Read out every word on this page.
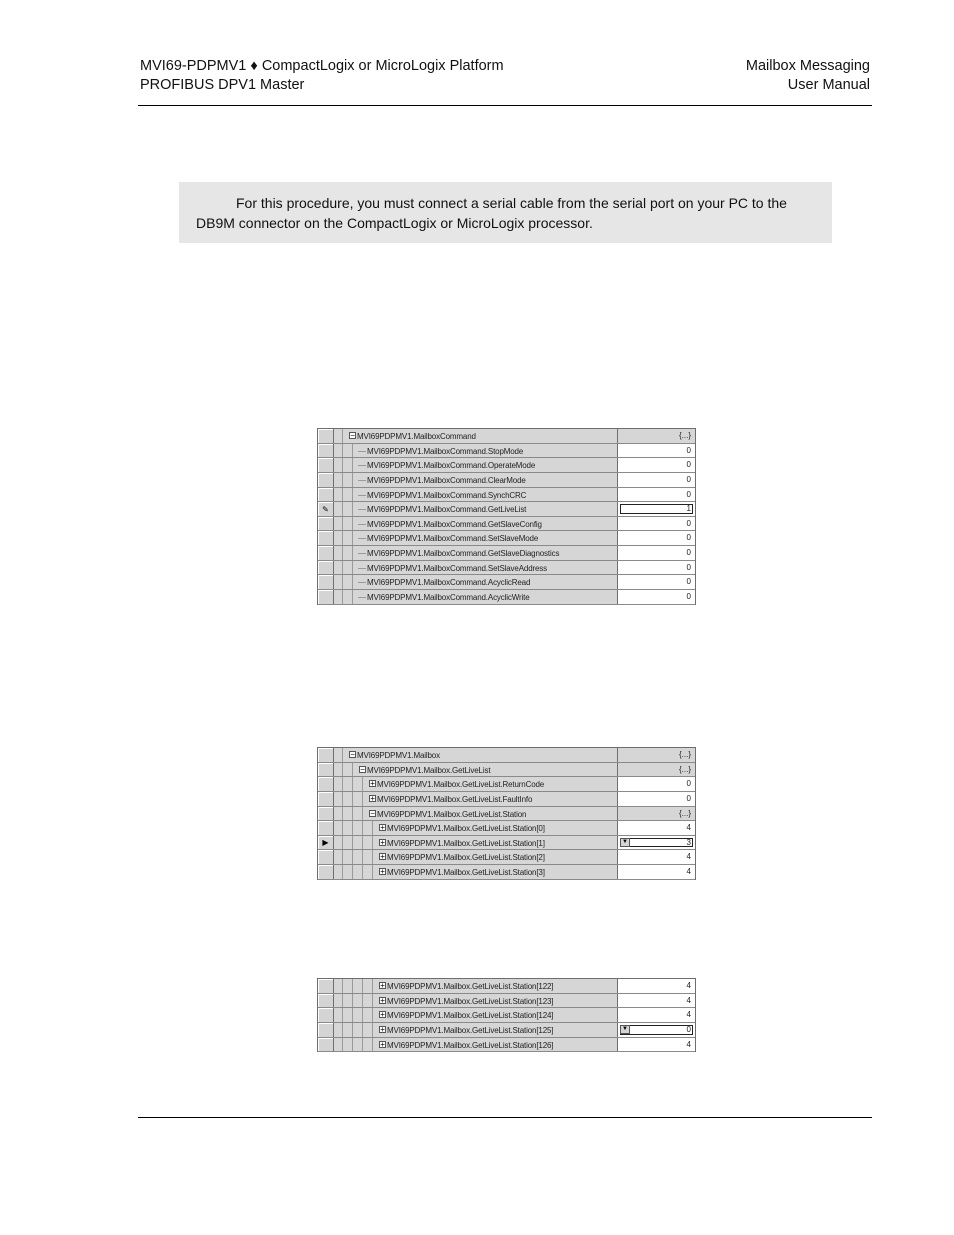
MVI69-PDPMV1 ♦ CompactLogix or MicroLogix Platform
PROFIBUS DPV1 Master
Mailbox Messaging
User Manual
For this procedure, you must connect a serial cable from the serial port on your PC to the
DB9M connector on the CompactLogix or MicroLogix processor.
− MVI69PDPMV1.MailboxCommand	{...}
MVI69PDPMV1.MailboxCommand.StopMode	0
MVI69PDPMV1.MailboxCommand.OperateMode	0
MVI69PDPMV1.MailboxCommand.ClearMode	0
MVI69PDPMV1.MailboxCommand.SynchCRC	0
✎	MVI69PDPMV1.MailboxCommand.GetLiveList	1
MVI69PDPMV1.MailboxCommand.GetSlaveConfig	0
MVI69PDPMV1.MailboxCommand.SetSlaveMode	0
MVI69PDPMV1.MailboxCommand.GetSlaveDiagnostics	0
MVI69PDPMV1.MailboxCommand.SetSlaveAddress	0
MVI69PDPMV1.MailboxCommand.AcyclicRead	0
MVI69PDPMV1.MailboxCommand.AcyclicWrite	0
− MVI69PDPMV1.Mailbox	{...}
− MVI69PDPMV1.Mailbox.GetLiveList	{...}
+ MVI69PDPMV1.Mailbox.GetLiveList.ReturnCode	0
+ MVI69PDPMV1.Mailbox.GetLiveList.FaultInfo	0
− MVI69PDPMV1.Mailbox.GetLiveList.Station	{...}
+ MVI69PDPMV1.Mailbox.GetLiveList.Station[0]	4
▶	+ MVI69PDPMV1.Mailbox.GetLiveList.Station[1]	▼	3
+ MVI69PDPMV1.Mailbox.GetLiveList.Station[2]	4
+ MVI69PDPMV1.Mailbox.GetLiveList.Station[3]	4
+ MVI69PDPMV1.Mailbox.GetLiveList.Station[122]	4
+ MVI69PDPMV1.Mailbox.GetLiveList.Station[123]	4
+ MVI69PDPMV1.Mailbox.GetLiveList.Station[124]	4
+ MVI69PDPMV1.Mailbox.GetLiveList.Station[125]	▼	0
+ MVI69PDPMV1.Mailbox.GetLiveList.Station[126]	4
